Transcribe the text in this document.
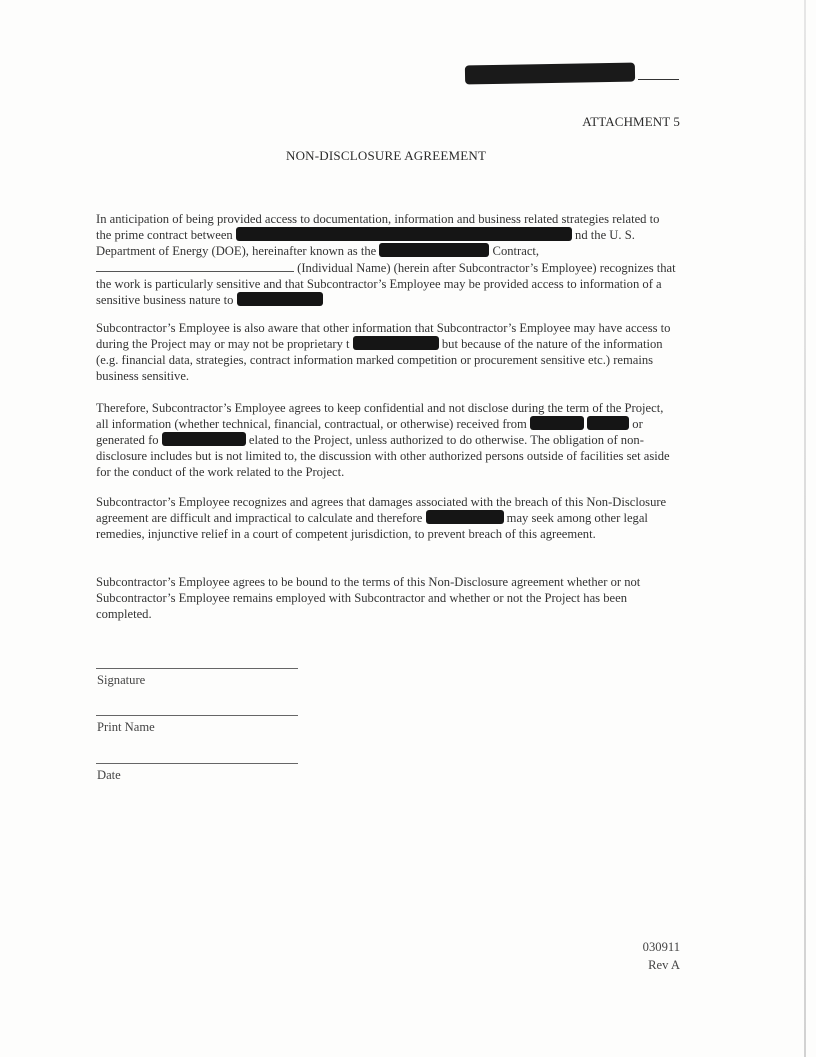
ATTACHMENT 5
NON-DISCLOSURE AGREEMENT
In anticipation of being provided access to documentation, information and business related strategies related to the prime contract between	nd the U. S. Department of Energy (DOE), hereinafter known as the	Contract,
(Individual Name) (herein after Subcontractor’s Employee) recognizes that the work is particularly sensitive and that Subcontractor’s Employee may be provided access to information of a sensitive business nature to
Subcontractor’s Employee is also aware that other information that Subcontractor’s Employee may have access to during the Project may or may not be proprietary t	but because of the nature of the information (e.g. financial data, strategies, contract information marked competition or procurement sensitive etc.) remains business sensitive.
Therefore, Subcontractor’s Employee agrees to keep confidential and not disclose during the term of the Project, all information (whether technical, financial, contractual, or otherwise) received from	or generated fo	elated to the Project, unless authorized to do otherwise. The obligation of non-disclosure includes but is not limited to, the discussion with other authorized persons outside of facilities set aside for the conduct of the work related to the Project.
Subcontractor’s Employee recognizes and agrees that damages associated with the breach of this Non-Disclosure agreement are difficult and impractical to calculate and therefore	may seek among other legal remedies, injunctive relief in a court of competent jurisdiction, to prevent breach of this agreement.
Subcontractor’s Employee agrees to be bound to the terms of this Non-Disclosure agreement whether or not Subcontractor’s Employee remains employed with Subcontractor and whether or not the Project has been completed.
Signature
Print Name
Date
030911
Rev A
